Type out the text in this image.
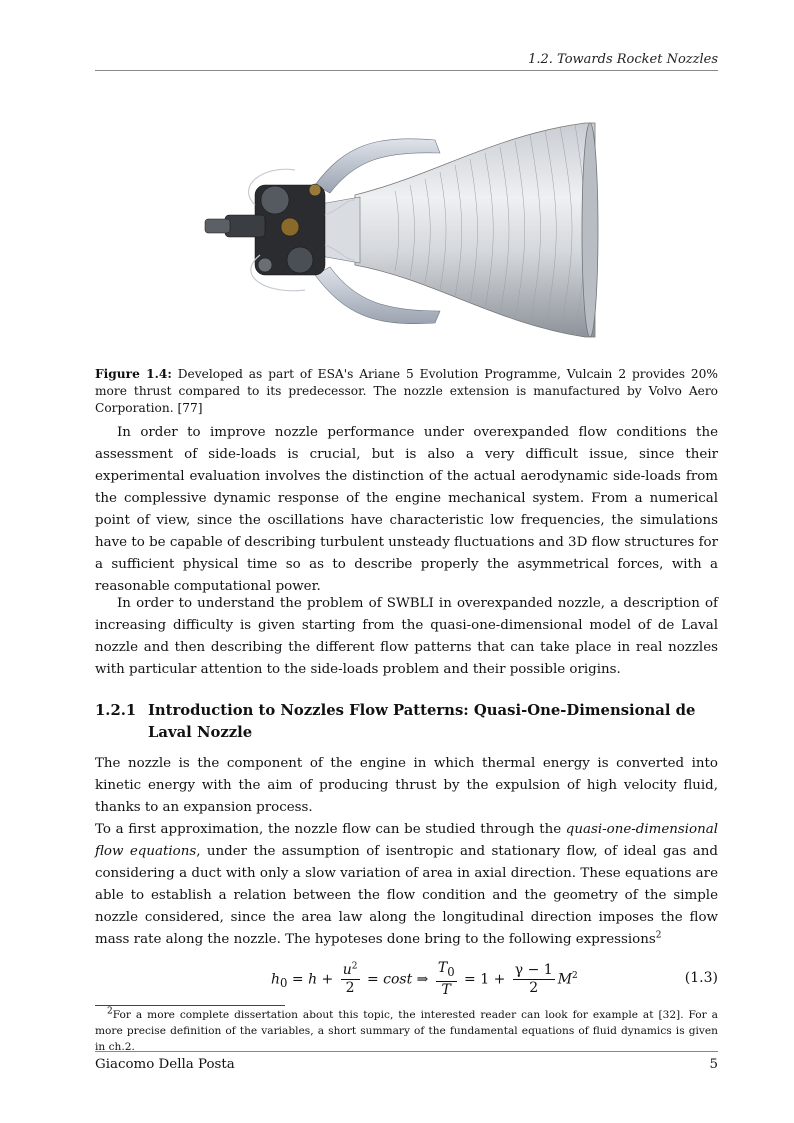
1.2. Towards Rocket Nozzles
Figure 1.4: Developed as part of ESA's Ariane 5 Evolution Programme, Vulcain 2 provides 20% more thrust compared to its predecessor. The nozzle extension is manufactured by Volvo Aero Corporation. [77]

In order to improve nozzle performance under overexpanded flow conditions the assessment of side-loads is crucial, but is also a very difficult issue, since their experimental evaluation involves the distinction of the actual aerodynamic side-loads from the complessive dynamic response of the engine mechanical system. From a numerical point of view, since the oscillations have characteristic low frequencies, the simulations have to be capable of describing turbulent unsteady fluctuations and 3D flow structures for a sufficient physical time so as to describe properly the asymmetrical forces, with a reasonable computational power.

In order to understand the problem of SWBLI in overexpanded nozzle, a description of increasing difficulty is given starting from the quasi-one-dimensional model of de Laval nozzle and then describing the different flow patterns that can take place in real nozzles with particular attention to the side-loads problem and their possible origins.

1.2.1 Introduction to Nozzles Flow Patterns: Quasi-One-Dimensional de Laval Nozzle

The nozzle is the component of the engine in which thermal energy is converted into kinetic energy with the aim of producing thrust by the expulsion of high velocity fluid, thanks to an expansion process.

To a first approximation, the nozzle flow can be studied through the quasi-one-dimensional flow equations, under the assumption of isentropic and stationary flow, of ideal gas and considering a duct with only a slow variation of area in axial direction. These equations are able to establish a relation between the flow condition and the geometry of the simple nozzle considered, since the area law along the longitudinal direction imposes the flow mass rate along the nozzle. The hypoteses done bring to the following expressions$^2$

$h_0 = h + \frac{u^2}{2} = \cos t$ ⇒ $\frac{T_0}{T} = 1 + \frac{\gamma - 1}{2} M^2$	(1.3)
$^2$For a more complete dissertation about this topic, the interested reader can look for example at [32]. For a more precise definition of the variables, a short summary of the fundamental equations of fluid dynamics is given in ch.2.
Giacomo Della Posta	5
